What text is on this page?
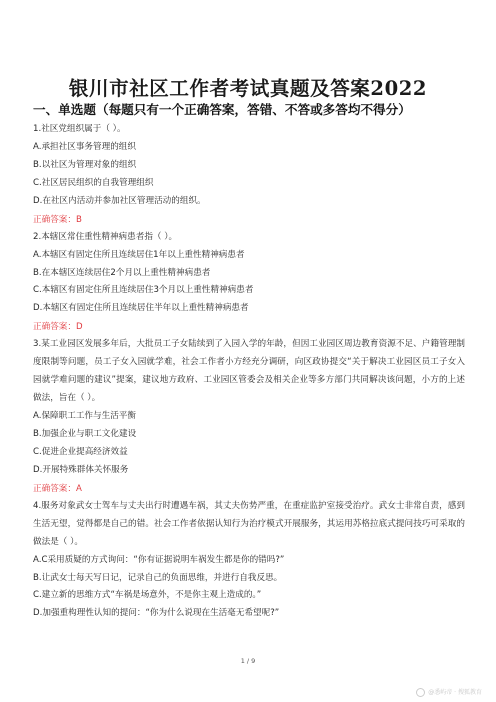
银川市社区工作者考试真题及答案2022
一、单选题（每题只有一个正确答案，答错、不答或多答均不得分）
1.社区党组织属于（ ）。
A.承担社区事务管理的组织
B.以社区为管理对象的组织
C.社区居民组织的自我管理组织
D.在社区内活动并参加社区管理活动的组织。
正确答案：B
2.本辖区常住重性精神病患者指（ ）。
A.本辖区有固定住所且连续居住1年以上重性精神病患者
B.在本辖区连续居住2个月以上重性精神病患者
C.本辖区有固定住所且连续居住3个月以上重性精神病患者
D.本辖区有固定住所且连续居住半年以上重性精神病患者
正确答案：D
3.某工业园区发展多年后，大批员工子女陆续到了入园入学的年龄，但因工业园区周边教育资源不足、户籍管理制度限制等问题，员工子女入园就学难，社会工作者小方经充分调研，向区政协提交“关于解决工业园区员工子女入园就学难问题的建议”提案，建议地方政府、工业园区管委会及相关企业等多方部门共同解决该问题，小方的上述做法，旨在（ ）。
A.保障职工工作与生活平衡
B.加强企业与职工文化建设
C.促进企业提高经济效益
D.开展特殊群体关怀服务
正确答案：A
4.服务对象武女士驾车与丈夫出行时遭遇车祸，其丈夫伤势严重，在重症监护室接受治疗。武女士非常自责，感到生活无望，觉得都是自己的错。社会工作者依据认知行为治疗模式开展服务，其运用苏格拉底式提问技巧可采取的做法是（ ）。
A.C采用质疑的方式询问：“你有证据说明车祸发生都是你的错吗?”
B.让武女士每天写日记，记录自己的负面思维，并进行自我反思。
C.建立新的思维方式“车祸是场意外，不是你主观上造成的。”
D.加强重构理性认知的提问：“你为什么说现在生活毫无希望呢?”
1 / 9
@悉屿帝 · 搜狐教育
